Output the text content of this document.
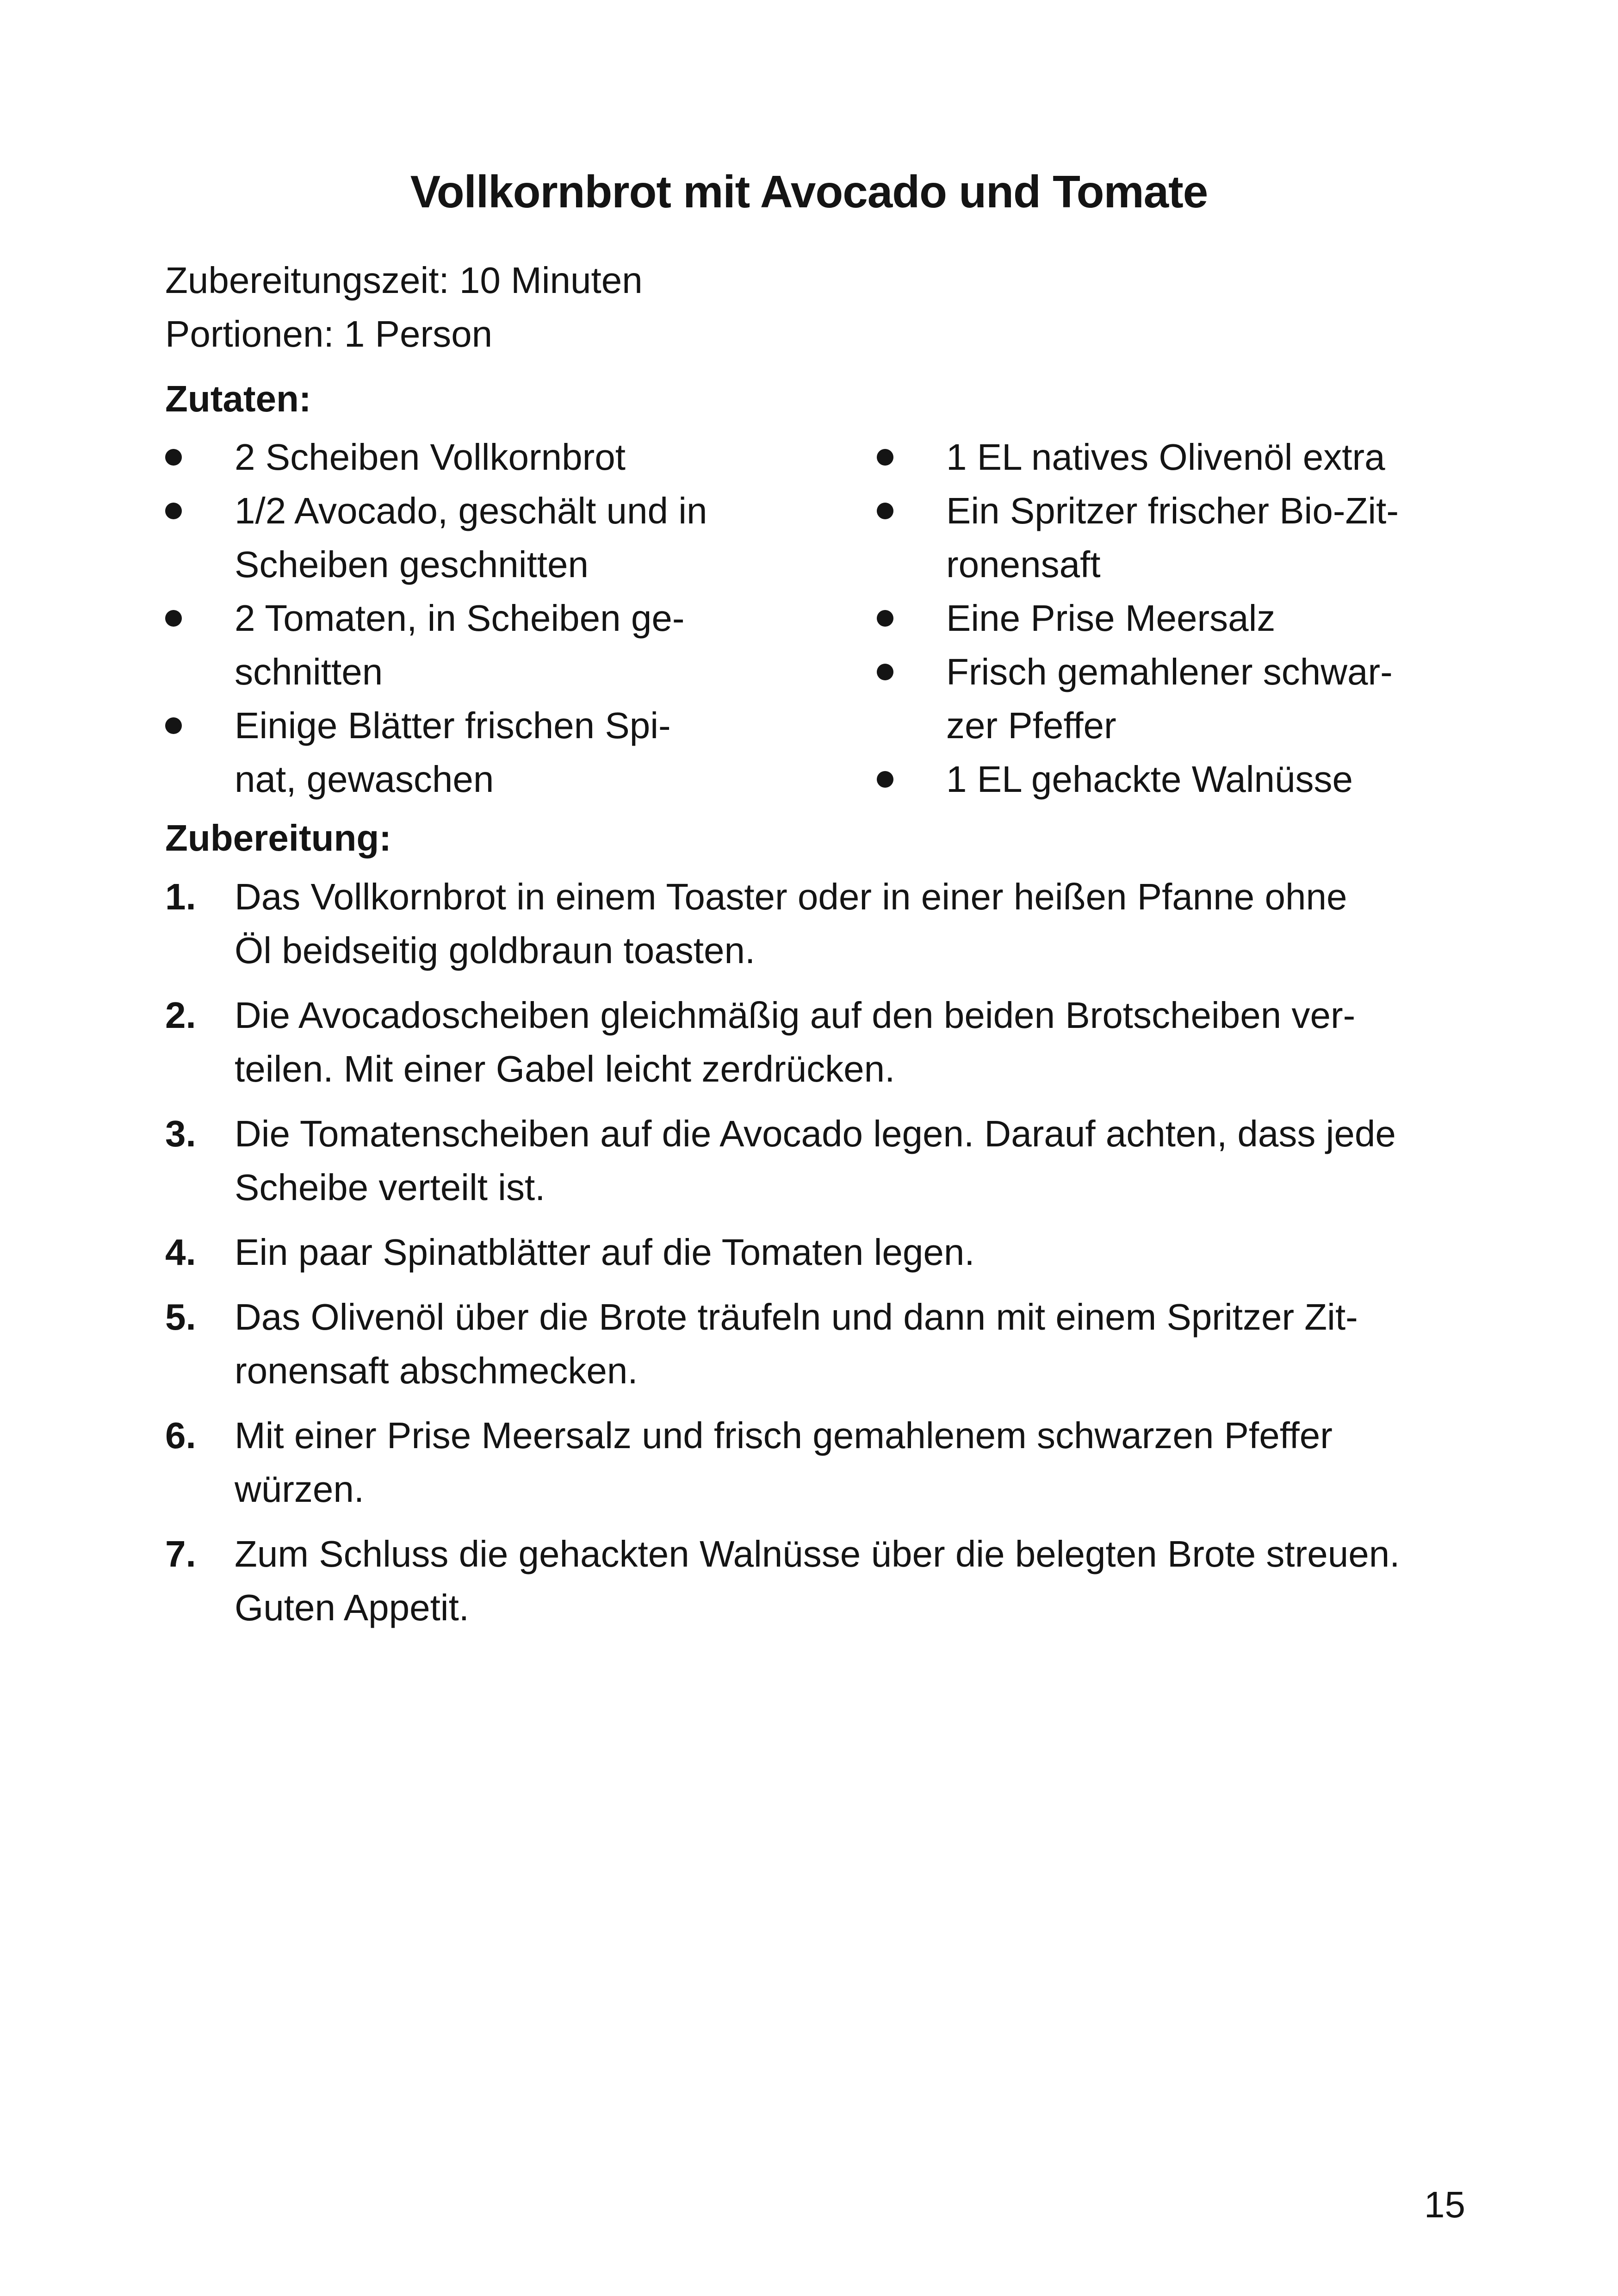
Vollkornbrot mit Avocado und Tomate
Zubereitungszeit: 10 Minuten
Portionen: 1 Person
Zutaten:
2 Scheiben Vollkornbrot
1/2 Avocado, geschält und in
Scheiben geschnitten
2 Tomaten, in Scheiben ge-
schnitten
Einige Blätter frischen Spi-
nat, gewaschen
1 EL natives Olivenöl extra
Ein Spritzer frischer Bio-Zit-
ronensaft
Eine Prise Meersalz
Frisch gemahlener schwar-
zer Pfeffer
1 EL gehackte Walnüsse
Zubereitung:
1. Das Vollkornbrot in einem Toaster oder in einer heißen Pfanne ohne
Öl beidseitig goldbraun toasten.
2. Die Avocadoscheiben gleichmäßig auf den beiden Brotscheiben ver-
teilen. Mit einer Gabel leicht zerdrücken.
3. Die Tomatenscheiben auf die Avocado legen. Darauf achten, dass jede
Scheibe verteilt ist.
4. Ein paar Spinatblätter auf die Tomaten legen.
5. Das Olivenöl über die Brote träufeln und dann mit einem Spritzer Zit-
ronensaft abschmecken.
6. Mit einer Prise Meersalz und frisch gemahlenem schwarzen Pfeffer
würzen.
7. Zum Schluss die gehackten Walnüsse über die belegten Brote streuen.
Guten Appetit.
15
